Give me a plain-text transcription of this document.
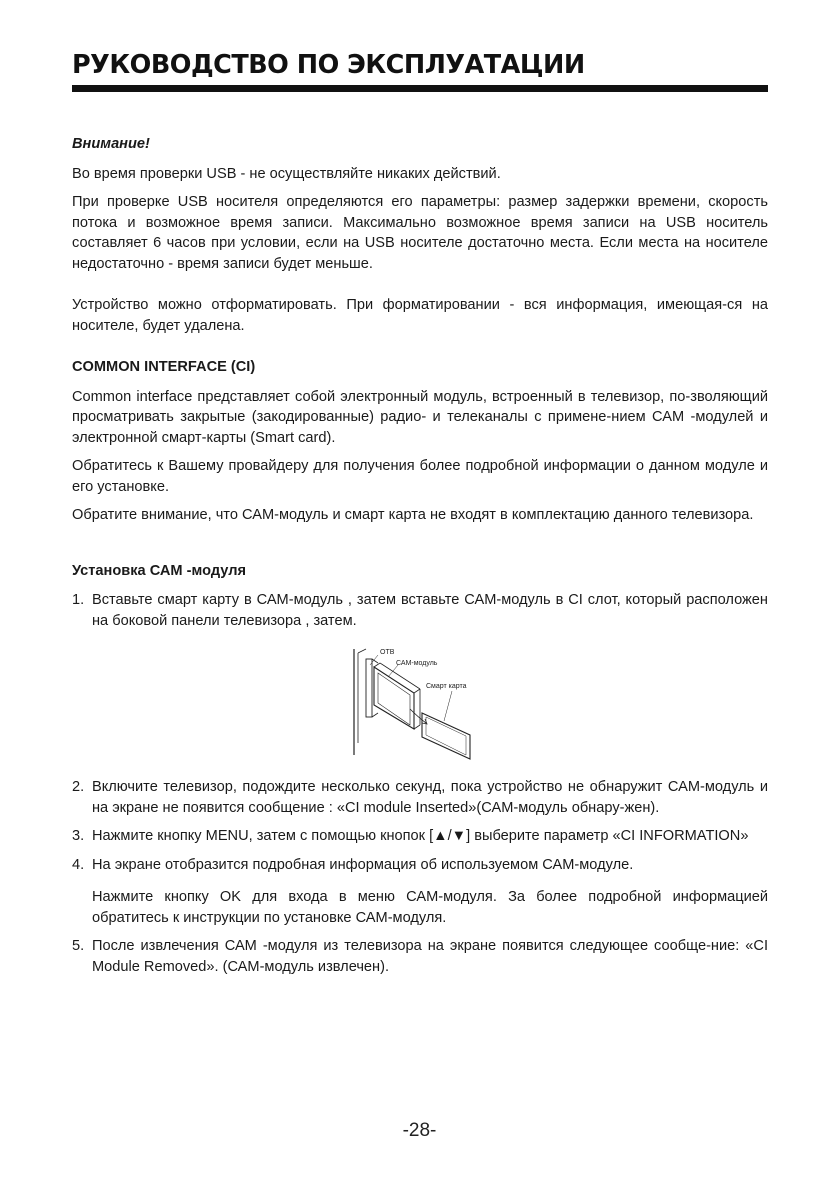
РУКОВОДСТВО ПО ЭКСПЛУАТАЦИИ

Внимание!

Во время проверки USB - не осуществляйте никаких действий.

При проверке USB носителя определяются его параметры: размер задержки времени, скорость потока и возможное время записи. Максимально возможное время записи на USB носитель составляет 6 часов при условии, если на USB носителе достаточно места. Если места на носителе недостаточно - время записи будет меньше.

Устройство можно отформатировать. При форматировании - вся информация, имеющая-ся на носителе, будет удалена.

COMMON INTERFACE (CI)

Common interface представляет собой электронный модуль, встроенный в телевизор, по-зволяющий просматривать закрытые (закодированные) радио- и телеканалы с примене-нием САМ -модулей и электронной смарт-карты (Smart card).

Обратитесь к Вашему провайдеру для получения более подробной информации о данном модуле и его установке.

Обратите внимание, что САМ-модуль и смарт карта не входят в комплектацию данного телевизора.

Установка САМ -модуля

1. Вставьте смарт карту в САМ-модуль , затем вставьте САМ-модуль в CI слот, который расположен на боковой панели телевизора , затем.
ОТВ
САМ-модуль
Смарт карта
2. Включите телевизор, подождите несколько секунд, пока устройство не обнаружит САМ-модуль и на экране не появится сообщение : «CI module Inserted»(САМ-модуль обнару-жен).
3. Нажмите кнопку MENU, затем с помощью кнопок [▲/▼] выберите параметр «CI INFORMATION»
4. На экране отобразится подробная информация об используемом САМ-модуле.

Нажмите кнопку OK для входа в меню САМ-модуля. За более подробной информацией обратитесь к инструкции по установке САМ-модуля.

5. После извлечения САМ -модуля из телевизора на экране появится следующее сообще-ние: «CI Module Removed». (САМ-модуль извлечен).
-28-
